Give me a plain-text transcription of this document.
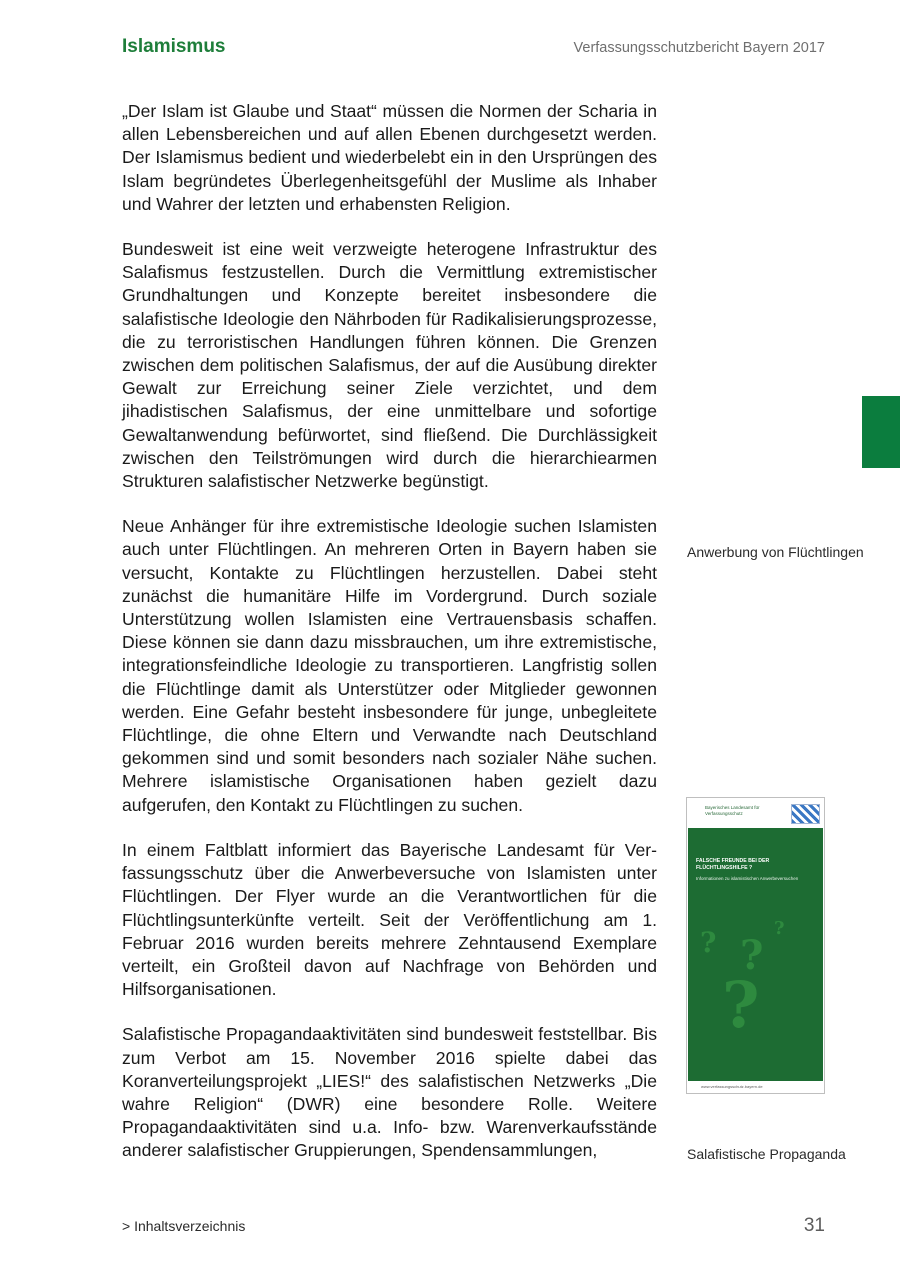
Islamismus	Verfassungsschutzbericht Bayern 2017

„Der Islam ist Glaube und Staat“ müssen die Normen der Scharia in allen Lebensbereichen und auf allen Ebenen durchgesetzt werden. Der Islamismus bedient und wiederbelebt ein in den Ursprüngen des Islam begründetes Überlegenheitsgefühl der Muslime als Inhaber und Wahrer der letzten und erhabensten Religion.

Bundesweit ist eine weit verzweigte heterogene Infrastruktur des Salafismus festzustellen. Durch die Vermittlung extremistischer Grundhaltungen und Konzepte bereitet insbesondere die salafistische Ideologie den Nährboden für Radikalisierungsprozesse, die zu terroristischen Handlungen führen können. Die Grenzen zwischen dem politischen Salafismus, der auf die Ausübung direkter Gewalt zur Erreichung seiner Ziele verzichtet, und dem jihadistischen Salafismus, der eine unmittelbare und sofortige Gewaltanwendung befürwortet, sind fließend. Die Durchlässigkeit zwischen den Teilströmungen wird durch die hierarchiearmen Strukturen salafistischer Netzwerke begünstigt.

Neue Anhänger für ihre extremistische Ideologie suchen Islamisten auch unter Flüchtlingen. An mehreren Orten in Bayern haben sie versucht, Kontakte zu Flüchtlingen herzustellen. Dabei steht zunächst die humanitäre Hilfe im Vordergrund. Durch soziale Unterstützung wollen Islamisten eine Vertrauensbasis schaffen. Diese können sie dann dazu missbrauchen, um ihre extremistische, integrationsfeindliche Ideologie zu transportieren. Langfristig sollen die Flüchtlinge damit als Unterstützer oder Mitglieder gewonnen werden. Eine Gefahr besteht insbesondere für junge, unbegleitete Flüchtlinge, die ohne Eltern und Verwandte nach Deutschland gekommen sind und somit besonders nach sozialer Nähe suchen. Mehrere islamistische Organisationen haben gezielt dazu aufgerufen, den Kontakt zu Flüchtlingen zu suchen.

In einem Faltblatt informiert das Bayerische Landesamt für Verfassungsschutz über die Anwerbeversuche von Islamisten unter Flüchtlingen. Der Flyer wurde an die Verantwortlichen für die Flüchtlingsunterkünfte verteilt. Seit der Veröffentlichung am 1. Februar 2016 wurden bereits mehrere Zehntausend Exemplare verteilt, ein Großteil davon auf Nachfrage von Behörden und Hilfsorganisationen.

Salafistische Propagandaaktivitäten sind bundesweit feststellbar. Bis zum Verbot am 15. November 2016 spielte dabei das Koranverteilungsprojekt „LIES!“ des salafistischen Netzwerks „Die wahre Religion“ (DWR) eine besondere Rolle. Weitere Propagandaaktivitäten sind u.a. Info- bzw. Warenverkaufsstände anderer salafistischer Gruppierungen, Spendensammlungen,

Anwerbung von Flüchtlingen
Salafistische Propaganda
Bayerisches Landesamt für Verfassungsschutz
FALSCHE FREUNDE BEI DER FLÜCHTLINGSHILFE ?
Informationen zu islamistischen Anwerbeversuchen
? ?
?
?
www.verfassungsschutz.bayern.de
> Inhaltsverzeichnis	31
